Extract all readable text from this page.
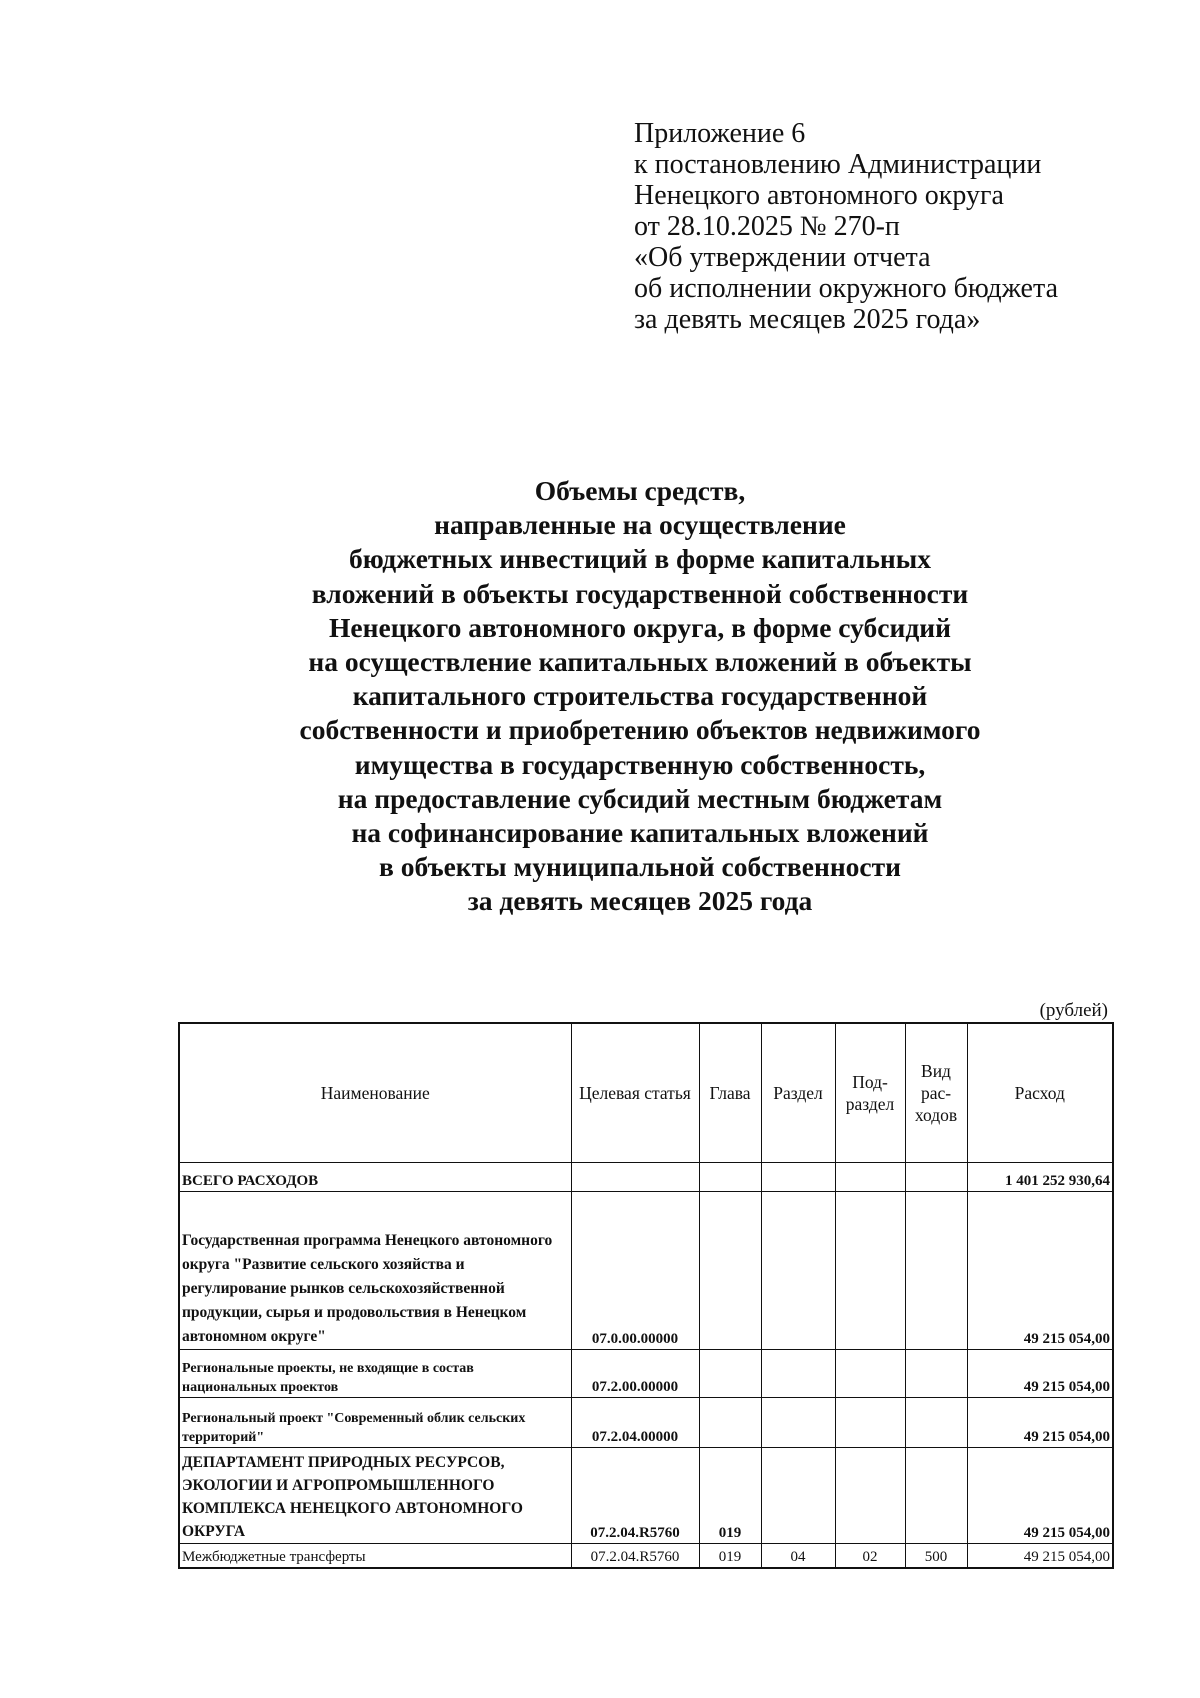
Приложение 6
к постановлению Администрации
Ненецкого автономного округа
от 28.10.2025 № 270-п
«Об утверждении отчета
об исполнении окружного бюджета
за девять месяцев 2025 года»
Объемы средств,
направленные на осуществление
бюджетных инвестиций в форме капитальных
вложений в объекты государственной собственности
Ненецкого автономного округа, в форме субсидий
на осуществление капитальных вложений в объекты
капитального строительства государственной
собственности и приобретению объектов недвижимого
имущества в государственную собственность,
на предоставление субсидий местным бюджетам
на софинансирование капитальных вложений
в объекты муниципальной собственности
за девять месяцев 2025 года
(рублей)
Наименование	Целевая статья	Глава	Раздел	Под-раздел	Вид рас-ходов	Расход
ВСЕГО РАСХОДОВ						1 401 252 930,64
Государственная программа Ненецкого автономного округа "Развитие сельского хозяйства и регулирование рынков сельскохозяйственной продукции, сырья и продовольствия в Ненецком автономном округе"	07.0.00.00000					49 215 054,00
Региональные проекты, не входящие в состав национальных проектов	07.2.00.00000					49 215 054,00
Региональный проект "Современный облик сельских территорий"	07.2.04.00000					49 215 054,00
ДЕПАРТАМЕНТ ПРИРОДНЫХ РЕСУРСОВ, ЭКОЛОГИИ И АГРОПРОМЫШЛЕННОГО КОМПЛЕКСА НЕНЕЦКОГО АВТОНОМНОГО ОКРУГА	07.2.04.R5760	019				49 215 054,00
Межбюджетные трансферты	07.2.04.R5760	019	04	02	500	49 215 054,00
